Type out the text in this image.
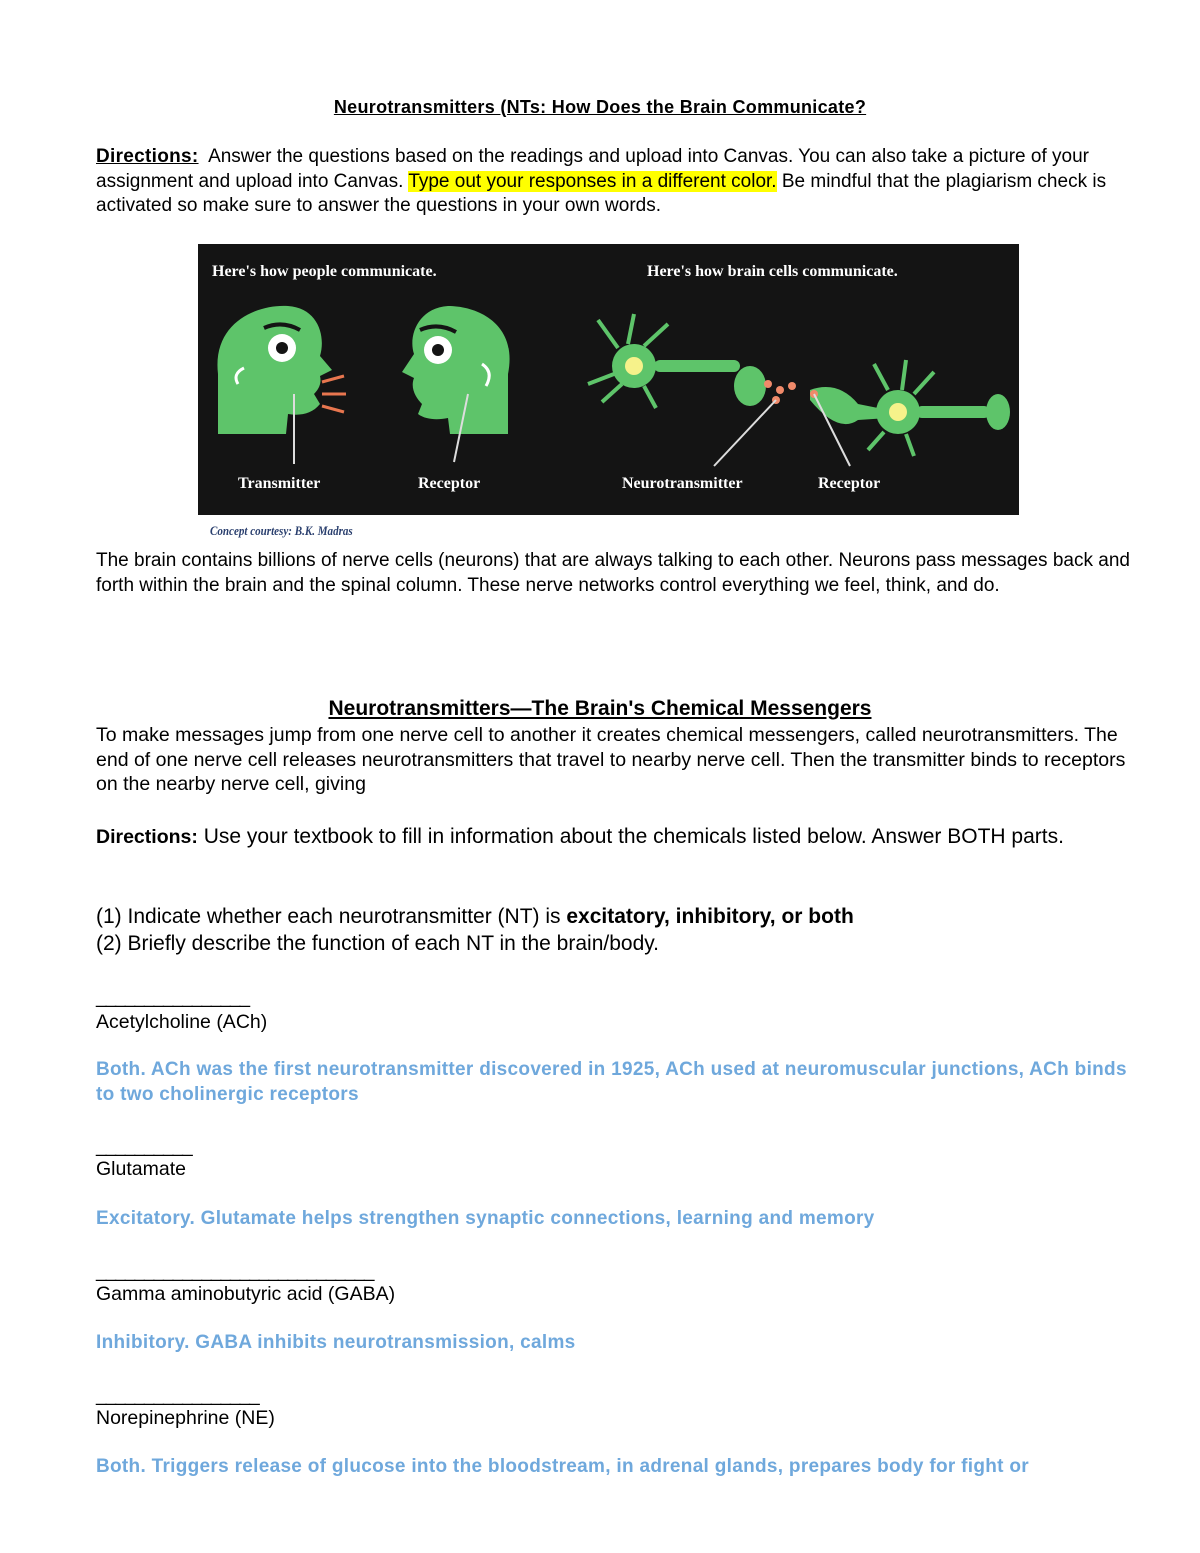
Neurotransmitters (NTs: How Does the Brain Communicate?

Directions: Answer the questions based on the readings and upload into Canvas. You can also take a picture of your assignment and upload into Canvas. Type out your responses in a different color. Be mindful that the plagiarism check is activated so make sure to answer the questions in your own words.

Here's how people communicate.	Here's how brain cells communicate.
Transmitter	Receptor	Neurotransmitter	Receptor
Concept courtesy: B.K. Madras

The brain contains billions of nerve cells (neurons) that are always talking to each other. Neurons pass messages back and forth within the brain and the spinal column. These nerve networks control everything we feel, think, and do.

Neurotransmitters—The Brain's Chemical Messengers

To make messages jump from one nerve cell to another it creates chemical messengers, called neurotransmitters. The end of one nerve cell releases neurotransmitters that travel to nearby nerve cell. Then the transmitter binds to receptors on the nearby nerve cell, giving

Directions: Use your textbook to fill in information about the chemicals listed below. Answer BOTH parts.

(1) Indicate whether each neurotransmitter (NT) is excitatory, inhibitory, or both

(2) Briefly describe the function of each NT in the brain/body.

________________
Acetylcholine (ACh)

Both. ACh was the first neurotransmitter discovered in 1925, ACh used at neuromuscular junctions, ACh binds to two cholinergic receptors

__________
Glutamate

Excitatory. Glutamate helps strengthen synaptic connections, learning and memory

_____________________________
Gamma aminobutyric acid (GABA)

Inhibitory. GABA inhibits neurotransmission, calms

_________________
Norepinephrine (NE)

Both. Triggers release of glucose into the bloodstream, in adrenal glands, prepares body for fight or
